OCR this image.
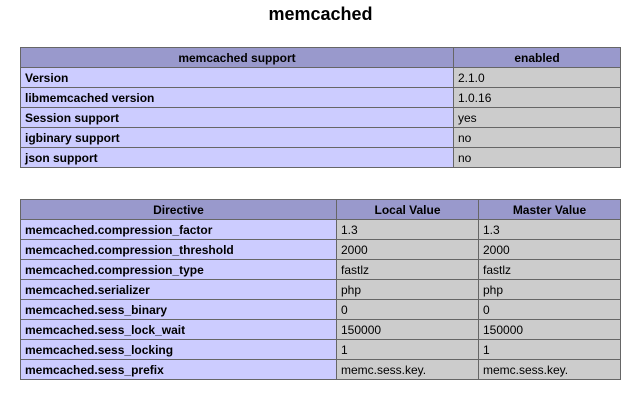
memcached
memcached support	enabled
Version	2.1.0
libmemcached version	1.0.16
Session support	yes
igbinary support	no
json support	no
Directive	Local Value	Master Value
memcached.compression_factor	1.3	1.3
memcached.compression_threshold	2000	2000
memcached.compression_type	fastlz	fastlz
memcached.serializer	php	php
memcached.sess_binary	0	0
memcached.sess_lock_wait	150000	150000
memcached.sess_locking	1	1
memcached.sess_prefix	memc.sess.key.	memc.sess.key.
